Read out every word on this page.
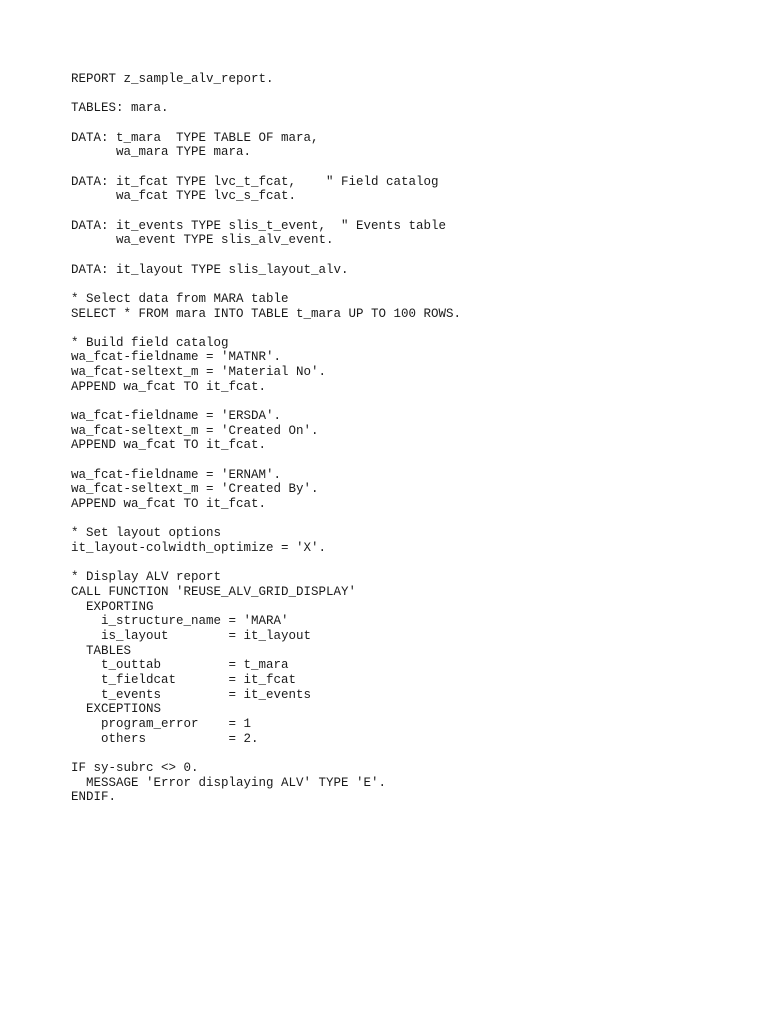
REPORT z_sample_alv_report.
TABLES: mara.
DATA: t_mara  TYPE TABLE OF mara,
wa_mara TYPE mara.
DATA: it_fcat TYPE lvc_t_fcat,    " Field catalog
wa_fcat TYPE lvc_s_fcat.
DATA: it_events TYPE slis_t_event,  " Events table
wa_event TYPE slis_alv_event.
DATA: it_layout TYPE slis_layout_alv.
* Select data from MARA table
SELECT * FROM mara INTO TABLE t_mara UP TO 100 ROWS.
* Build field catalog
wa_fcat-fieldname = 'MATNR'.
wa_fcat-seltext_m = 'Material No'.
APPEND wa_fcat TO it_fcat.
wa_fcat-fieldname = 'ERSDA'.
wa_fcat-seltext_m = 'Created On'.
APPEND wa_fcat TO it_fcat.
wa_fcat-fieldname = 'ERNAM'.
wa_fcat-seltext_m = 'Created By'.
APPEND wa_fcat TO it_fcat.
* Set layout options
it_layout-colwidth_optimize = 'X'.
* Display ALV report
CALL FUNCTION 'REUSE_ALV_GRID_DISPLAY'
EXPORTING
i_structure_name = 'MARA'
is_layout        = it_layout
TABLES
t_outtab         = t_mara
t_fieldcat       = it_fcat
t_events         = it_events
EXCEPTIONS
program_error    = 1
others           = 2.
IF sy-subrc <> 0.
MESSAGE 'Error displaying ALV' TYPE 'E'.
ENDIF.
